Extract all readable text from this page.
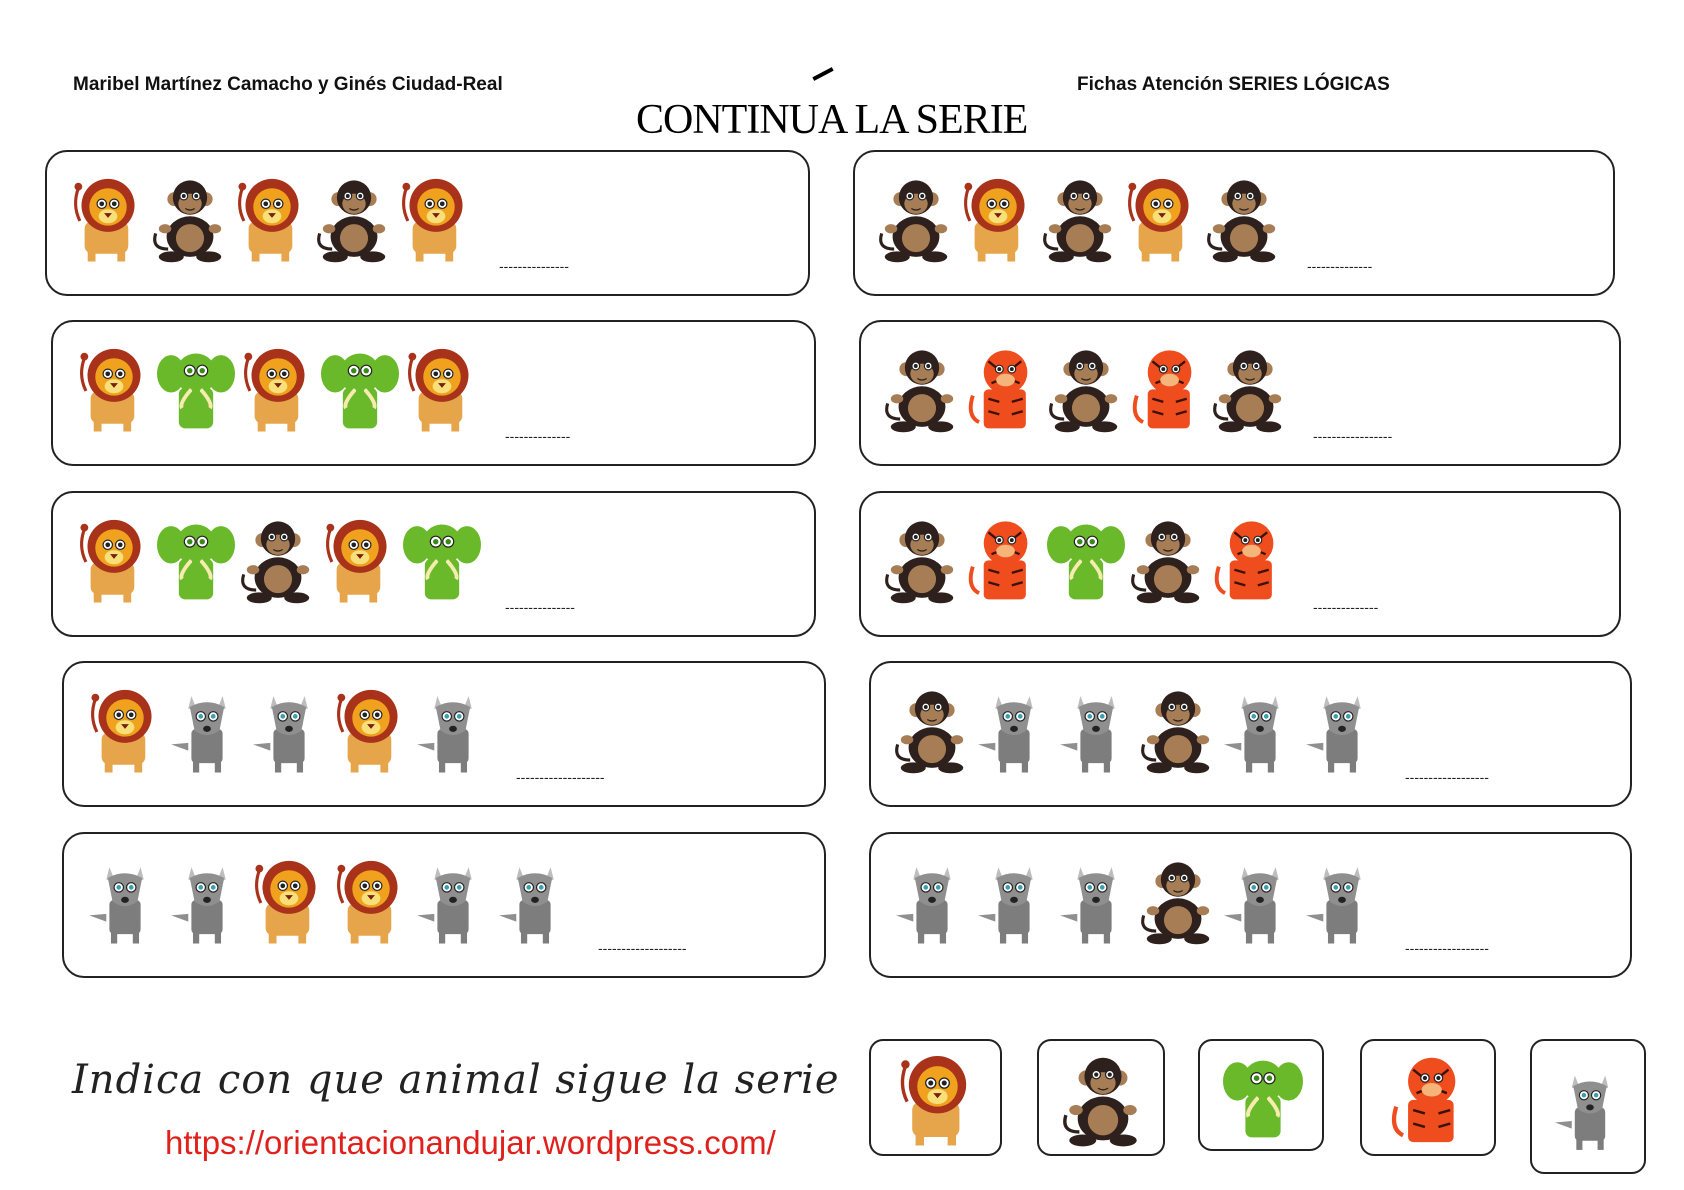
Maribel Martínez Camacho y Ginés Ciudad-Real	Fichas Atención SERIES LÓGICAS
CONTINUA LA SERIE
---------------	--------------
--------------	-----------------
---------------	--------------
-------------------	------------------
-------------------	------------------
Indica con que animal sigue la serie
https://orientacionandujar.wordpress.com/
